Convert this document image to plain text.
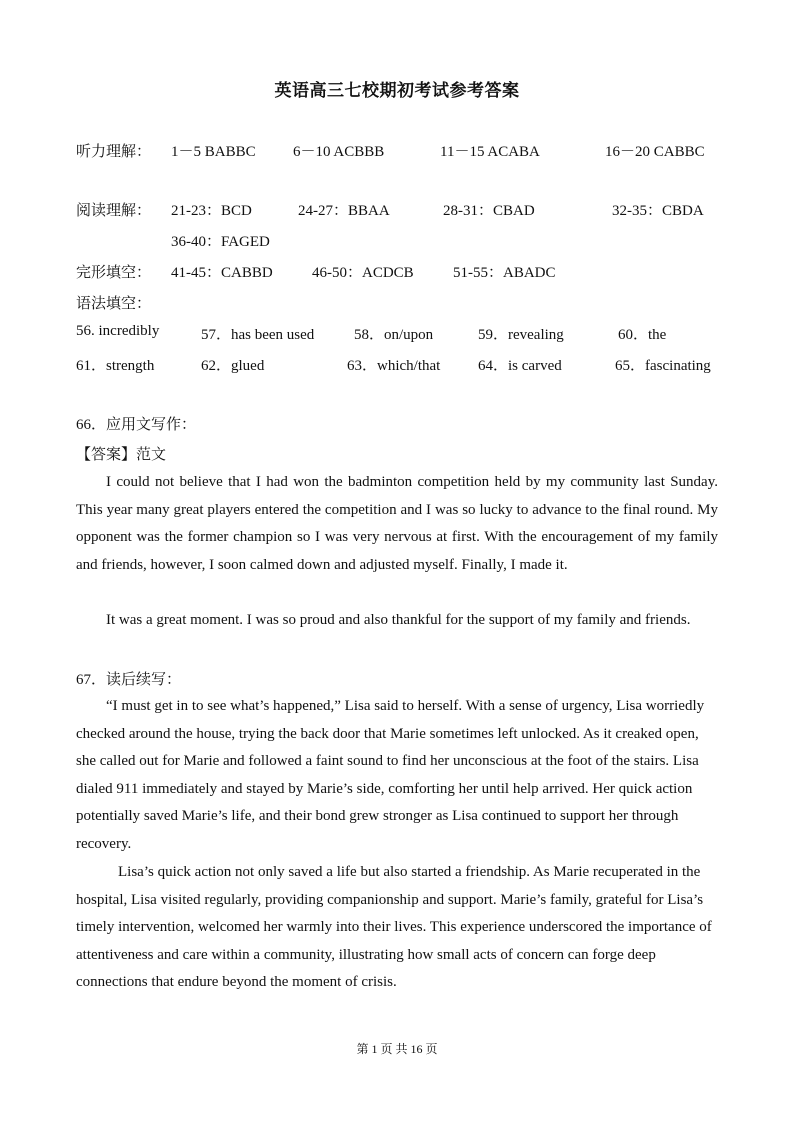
英语高三七校期初考试参考答案
听力理解： 1－5 BABBC 6－10 ACBBB	11－15 ACABA	16－20 CABBC
阅读理解： 21-23：BCD	24-27：BBAA	28-31：CBAD	32-35：CBDA
36-40：FAGED
完形填空： 41-45：CABBD	46-50：ACDCB	51-55：ABADC
语法填空：
56. incredibly	57．has been used	58．on/upon	59．revealing	60．the
61．strength	62．glued	63．which/that	64．is carved	65．fascinating
66．应用文写作：
【答案】范文
I could not believe that I had won the badminton competition held by my community last Sunday. This year many great players entered the competition and I was so lucky to advance to the final round. My opponent was the former champion so I was very nervous at first. With the encouragement of my family and friends, however, I soon calmed down and adjusted myself. Finally, I made it.
It was a great moment. I was so proud and also thankful for the support of my family and friends.
67．读后续写：
“I must get in to see what’s happened,” Lisa said to herself. With a sense of urgency, Lisa worriedly checked around the house, trying the back door that Marie sometimes left unlocked. As it creaked open, she called out for Marie and followed a faint sound to find her unconscious at the foot of the stairs. Lisa dialed 911 immediately and stayed by Marie’s side, comforting her until help arrived. Her quick action potentially saved Marie’s life, and their bond grew stronger as Lisa continued to support her through recovery.
Lisa’s quick action not only saved a life but also started a friendship. As Marie recuperated in the hospital, Lisa visited regularly, providing companionship and support. Marie’s family, grateful for Lisa’s timely intervention, welcomed her warmly into their lives. This experience underscored the importance of attentiveness and care within a community, illustrating how small acts of concern can forge deep connections that endure beyond the moment of crisis.
第 1 页 共 16 页
